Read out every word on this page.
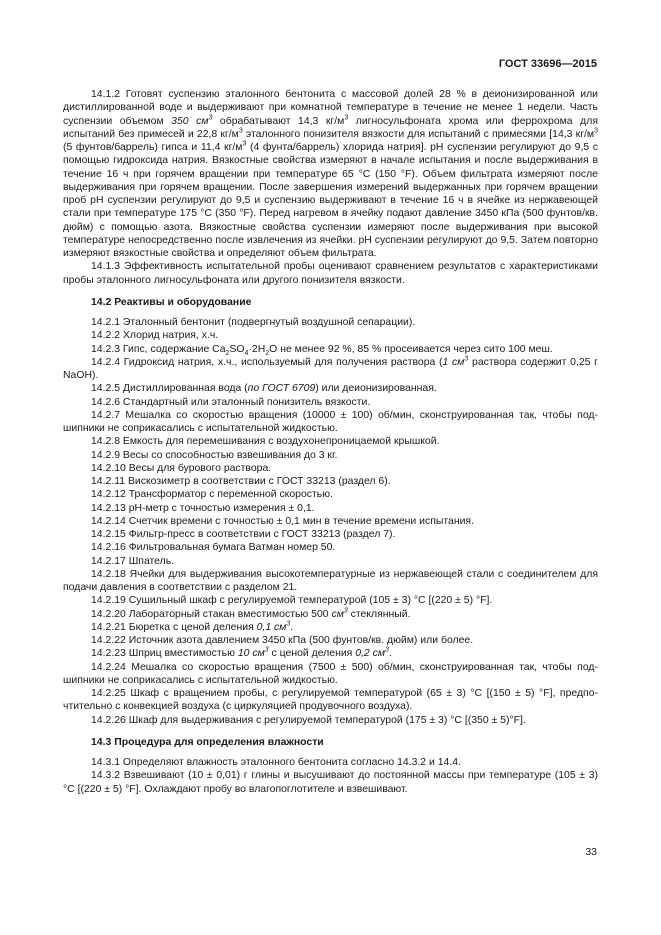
ГОСТ 33696—2015

14.1.2 Готовят суспензию эталонного бентонита с массовой долей 28 % в деионизированной или дистиллированной воде и выдерживают при комнатной температуре в течение не менее 1 недели. Часть суспензии объемом 350 $см^3$ обрабатывают 14,3 $кг/м^3$ лигносульфоната хрома или феррохрома для испытаний без примесей и 22,8 $кг/м^3$ эталонного понизителя вязкости для испытаний с примесями [14,3 $кг/м^3$ (5 фунтов/баррель) гипса и 11,4 $кг/м^3$ (4 фунта/баррель) хлорида натрия]. pH суспензии регулируют до 9,5 с помощью гидроксида натрия. Вязкостные свойства измеряют в начале испытания и после выдерживания в течение 16 ч при горячем вращении при температуре 65 °C (150 °F). Объем фильтрата измеряют после выдерживания при горячем вращении. После завершения измерений выдержанных при горячем вращении проб pH суспензии регулируют до 9,5 и суспензию выдерживают в течение 16 ч в ячейке из нержавеющей стали при температуре 175 °C (350 °F). Перед нагревом в ячейку подают давление 3450 кПа (500 фунтов/кв. дюйм) с помощью азота. Вязкостные свойства суспензии измеряют после выдерживания при высокой температуре непосредственно после извлечения из ячейки. pH суспензии регулируют до 9,5. Затем повторно измеряют вязкостные свойства и определяют объем фильтрата.

14.1.3 Эффективность испытательной пробы оценивают сравнением результатов с характеристиками пробы эталонного лигносульфоната или другого понизителя вязкости.

14.2 Реактивы и оборудование

14.2.1 Эталонный бентонит (подвергнутый воздушной сепарации).

14.2.2 Хлорид натрия, х.ч.

14.2.3 Гипс, содержание $Ca_2SO_4\cdot 2H_2O$ не менее 92 %, 85 % просеивается через сито 100 меш.

14.2.4 Гидроксид натрия, х.ч., используемый для получения раствора (1 $см^3$ раствора содержит 0,25 г NaOH).

14.2.5 Дистиллированная вода (по ГОСТ 6709) или деионизированная.

14.2.6 Стандартный или эталонный понизитель вязкости.

14.2.7 Мешалка со скоростью вращения (10000 ± 100) об/мин, сконструированная так, чтобы подшипники не соприкасались с испытательной жидкостью.

14.2.8 Емкость для перемешивания с воздухонепроницаемой крышкой.

14.2.9 Весы со способностью взвешивания до 3 кг.

14.2.10 Весы для бурового раствора.

14.2.11 Вискозиметр в соответствии с ГОСТ 33213 (раздел 6).

14.2.12 Трансформатор с переменной скоростью.

14.2.13 pH-метр с точностью измерения ± 0,1.

14.2.14 Счетчик времени с точностью ± 0,1 мин в течение времени испытания.

14.2.15 Фильтр-пресс в соответствии с ГОСТ 33213 (раздел 7).

14.2.16 Фильтровальная бумага Ватман номер 50.

14.2.17 Шпатель.

14.2.18 Ячейки для выдерживания высокотемпературные из нержавеющей стали с соединителем для подачи давления в соответствии с разделом 21.

14.2.19 Сушильный шкаф с регулируемой температурой (105 ± 3) °C [(220 ± 5) °F].

14.2.20 Лабораторный стакан вместимостью 500 $см^3$ стеклянный.

14.2.21 Бюретка с ценой деления 0,1 $см^3$.

14.2.22 Источник азота давлением 3450 кПа (500 фунтов/кв. дюйм) или более.

14.2.23 Шприц вместимостью 10 $см^3$ с ценой деления 0,2 $см^3$.

14.2.24 Мешалка со скоростью вращения (7500 ± 500) об/мин, сконструированная так, чтобы подшипники не соприкасались с испытательной жидкостью.

14.2.25 Шкаф с вращением пробы, с регулируемой температурой (65 ± 3) °C [(150 ± 5) °F], предпочтительно с конвекцией воздуха (с циркуляцией продувочного воздуха).

14.2.26 Шкаф для выдерживания с регулируемой температурой (175 ± 3) °C [(350 ± 5)°F].

14.3 Процедура для определения влажности

14.3.1 Определяют влажность эталонного бентонита согласно 14.3.2 и 14.4.

14.3.2 Взвешивают (10 ± 0,01) г глины и высушивают до постоянной массы при температуре (105 ± 3) °C [(220 ± 5) °F]. Охлаждают пробу во влагопоглотителе и взвешивают.

33
